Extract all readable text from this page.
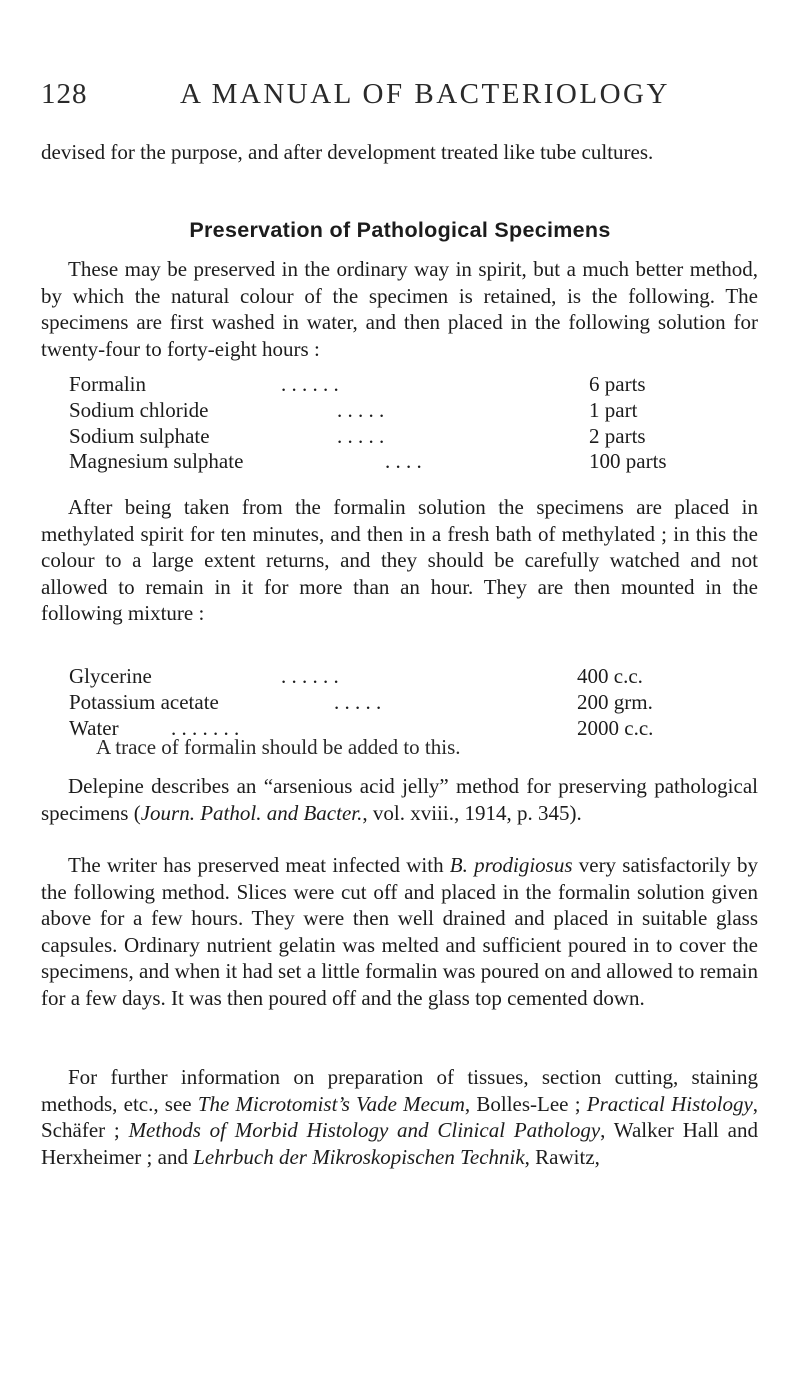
128	A MANUAL OF BACTERIOLOGY
devised for the purpose, and after development treated like tube cultures.
Preservation of Pathological Specimens
These may be preserved in the ordinary way in spirit, but a much better method, by which the natural colour of the specimen is retained, is the following. The specimens are first washed in water, and then placed in the following solution for twenty-four to forty-eight hours :
Formalin	. . . . . .	6 parts
Sodium chloride	. . . . .	1 part
Sodium sulphate	. . . . .	2 parts
Magnesium sulphate	. . . .	100 parts
After being taken from the formalin solution the specimens are placed in methylated spirit for ten minutes, and then in a fresh bath of methylated ; in this the colour to a large extent returns, and they should be carefully watched and not allowed to remain in it for more than an hour. They are then mounted in the following mixture :
Glycerine	. . . . . .	400 c.c.
Potassium acetate	. . . . .	200 grm.
Water . . . . . . .	2000 c.c.
A trace of formalin should be added to this.
Delepine describes an “arsenious acid jelly” method for preserving pathological specimens (Journ. Pathol. and Bacter., vol. xviii., 1914, p. 345).
The writer has preserved meat infected with B. prodigiosus very satisfactorily by the following method. Slices were cut off and placed in the formalin solution given above for a few hours. They were then well drained and placed in suitable glass capsules. Ordinary nutrient gelatin was melted and sufficient poured in to cover the specimens, and when it had set a little formalin was poured on and allowed to remain for a few days. It was then poured off and the glass top cemented down.
For further information on preparation of tissues, section cutting, staining methods, etc., see The Microtomist’s Vade Mecum, Bolles-Lee ; Practical Histology, Schäfer ; Methods of Morbid Histology and Clinical Pathology, Walker Hall and Herxheimer ; and Lehrbuch der Mikroskopischen Technik, Rawitz,
